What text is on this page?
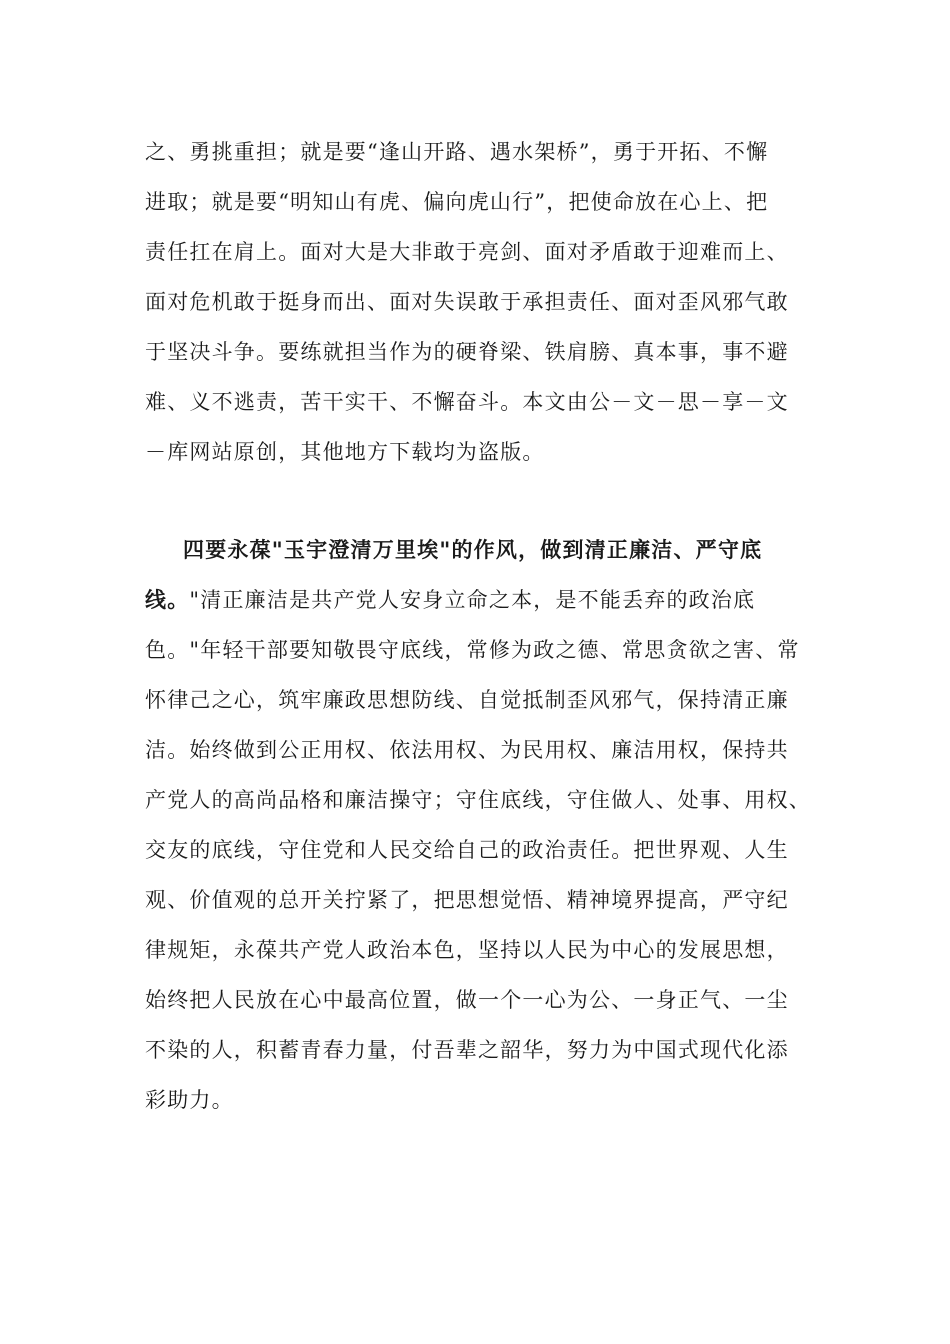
之、勇挑重担；就是要“逢山开路、遇水架桥”，勇于开拓、不懈
进取；就是要“明知山有虎、偏向虎山行”，把使命放在心上、把
责任扛在肩上。面对大是大非敢于亮剑、面对矛盾敢于迎难而上、
面对危机敢于挺身而出、面对失误敢于承担责任、面对歪风邪气敢
于坚决斗争。要练就担当作为的硬脊梁、铁肩膀、真本事，事不避
难、义不逃责，苦干实干、不懈奋斗。本文由公－文－思－享－文
－库网站原创，其他地方下载均为盗版。
四要永葆"玉宇澄清万里埃"的作风，做到清正廉洁、严守底
线。"清正廉洁是共产党人安身立命之本，是不能丢弃的政治底
色。"年轻干部要知敬畏守底线，常修为政之德、常思贪欲之害、常
怀律己之心，筑牢廉政思想防线、自觉抵制歪风邪气，保持清正廉
洁。始终做到公正用权、依法用权、为民用权、廉洁用权，保持共
产党人的高尚品格和廉洁操守；守住底线，守住做人、处事、用权、
交友的底线，守住党和人民交给自己的政治责任。把世界观、人生
观、价值观的总开关拧紧了，把思想觉悟、精神境界提高，严守纪
律规矩，永葆共产党人政治本色，坚持以人民为中心的发展思想，
始终把人民放在心中最高位置，做一个一心为公、一身正气、一尘
不染的人，积蓄青春力量，付吾辈之韶华，努力为中国式现代化添
彩助力。
